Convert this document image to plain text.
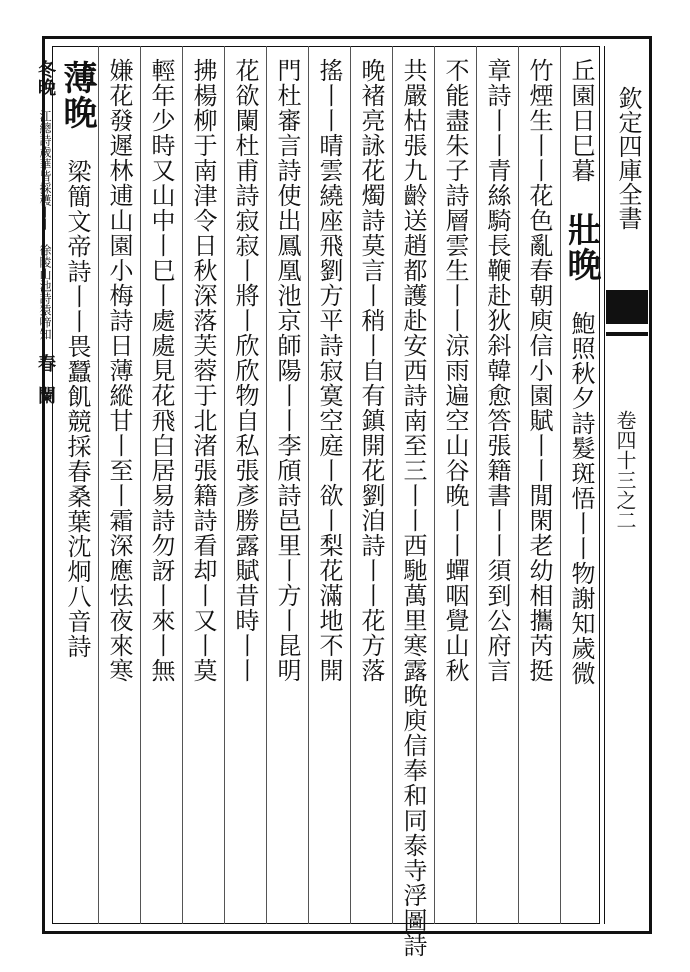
欽定四庫全書
卷四十三之二
丘園日巳暮 壯晚 鮑照秋夕詩髮斑悟丨丨物謝知歲微
竹煙生丨丨花色亂春朝庾信小園賦丨丨閒閑老幼相攜芮挺
章詩丨丨青絲騎長鞭赴狄斜韓愈答張籍書丨丨須到公府言
不能盡朱子詩層雲生丨丨涼雨遍空山谷晚丨丨蟬咽覺山秋
共嚴枯張九齡送趙都護赴安西詩南至三丨丨西馳萬里寒露晚庾信奉和同泰寺浮圖詩
晚褚亮詠花燭詩莫言丨稍丨自有鎮開花劉洎詩丨丨花方落
搖丨丨晴雲繞座飛劉方平詩寂寞空庭丨欲丨梨花滿地不開
門杜審言詩使出鳳凰池京師陽丨丨李頎詩邑里丨方丨昆明
花欲闌杜甫詩寂寂丨將丨欣欣物自私張彥勝露賦昔時丨丨
拂楊柳于南津令日秋深落芙蓉于北渚張籍詩看却丨又丨莫
輕年少時又山中丨巳丨處處見花飛白居易詩勿訝丨來丨無
嫌花發遲林逋山園小梅詩日薄縱甘丨至丨霜深應怯夜來寒
薄晚 梁簡文帝詩丨丨畏蠶飢競採春桑葉沈炯八音詩
冬晚 江總詩歲華皆採穫丨丨 徐陵山池詩猿啼知 春 闌
